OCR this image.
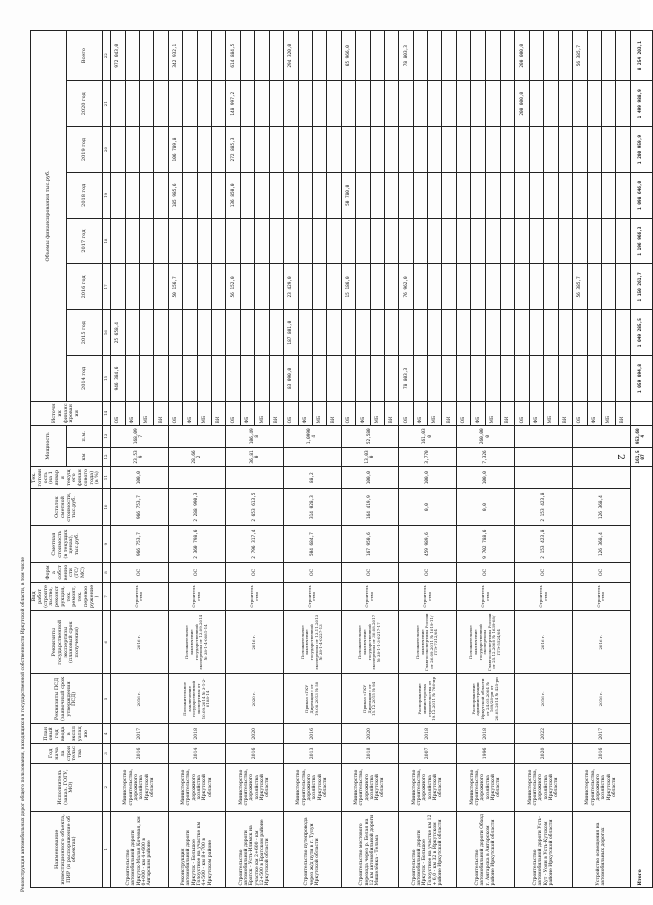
2
Наименование инвестиционного объекта, ПИР (и распоряжение об объектах)	Исполнитель (заказ. ГОГУ, МО)	Год начала строительства	Плановый год ввода в эксплуатацию	Реквизиты ПСД (заявочный срок утверждения ПСД)	Реквизиты государственной экспертизы (плановый срок получения)	Вид работ (строительство, реконструкция, тех. ремонт, тех. перевооружение)	Форма собственности (ГС/ МС)	Сметная стоимость (в текущих ценах), тыс.руб.	Остаток сметной стоимости, тыс.руб.	Тех. готовность (на 1 января текущего финансового года) (в %)	Мощность		Источник финансирования	Объемы финансирования тыс.руб.							
											км	п.м.		2014 год	2015 год	2016 год	2017 год	2018 год	2019 год	2020 год	Всего
1	2	3	4	5	6	7	8	9	10	11	12	13	14	15	16	17	18	19	20	21	22
Строительство автомобильной дороги Иркутск-Малая Кочевая, км 0+000 - км 4+600 в Ангарском районе	Министерство строительства, дорожного хозяйства Иркутской области	2016	2017	2016 г.	2016 г.	Строительство	ОС	966 753,7	966 753,7	100,0	23,539	168,097	ОБ	946 384,6	25 658,4						972 043,0
													ФБ								
													МБ								
													ВИ								
Реконструкция автомобильной дороги Иркутск - Большое Голоустное на участке км 4+500 - км 8+700 в Иркутском районе	Министерство строительства, дорожного хозяйства Иркутской области	2014	2018	Положительное заключение государственной экспертизы от 10.09.2014 № 3-1-2-0188-14	Положительное заключение государственной экспертизы от 13.09.2014 № 38-1-4-0081-14	Строительство	ОС	2 360 798,6	2 288 990,3		28,662		ОБ			50 156,7		185 985,6	106 789,8		342 932,1
													ФБ								
													МБ								
													ВИ								
Строительство автомобильной дороги Братск - Усть-Илимск на участке км 2+600 - км 12+500 в Братском районе Иркутской области	Министерство строительства, дорожного хозяйства Иркутской области	2016	2020	2020 г.	2016 г.	Строительство	ОС	2 796 317,4	2 653 613,5		36,810	106,498	ОБ			56 152,0		136 850,0	272 885,3	148 997,2	614 884,5
													ФБ								
													МБ								
													ВИ								
Строительство путепровода через ж/д пути в г. Тулун Иркутской области	Министерство строительства, дорожного хозяйства Иркутской области	2013	2016	Приказ «ГКУ Дирекция» от 19.08.2013 № 58	Положительное заключение государственной экспертизы от 13.11.2013 № 38-1-4-0227-13	Строительство	ОС	504 684,7	314 028,3	88,2		1,09904	ОБ	83 090,0	187 801,0	23 429,0					294 320,0
													ФБ								
													МБ								
													ВИ								
Строительство мостового перехода через р. Белая на 12 км автомобильной дороги Мишелёвка - Тельма	Министерство строительства, дорожного хозяйства Иркутской области	2018	2020	Приказ «ГКУ Дирекция» от 15.12.2015 № 94	Положительное заключение государственной экспертизы от 30.08.2017 № 38-1-1-3-0217-17	Строительство	ОС	167 950,6	164 419,9	100,0	13,030	52,580	ОБ			15 186,0		50 780,0			65 966,0
													ФБ								
													МБ								
													ВИ								
Строительство автомобильной дороги Иркутск - Большое Голоустное на участке км 12 + 6,0 - км 32 в Иркутском районе Иркутской области	Министерство строительства, дорожного хозяйства Иркутской области	2007	2018	Распоряжение министерства строительства от 19.12.2011 № 766-мр	Положительное заключение Главгосэкспертизы России от 26.09.2011 № 1019-11/ГГЭ-7312/04	Строительство	ОС	459 989,6	0,0	100,0	3,770	161,030	ОБ	78 803,3		76 962,0					78 803,3
													ФБ								
													МБ								
													ВИ								
Строительство автомобильной дороги Обход г. Ангарска в Ангарском районе Иркутской области	Министерство строительства, дорожного хозяйства Иркутской области	1996	2018	Распоряжение администрации Иркутской области от 24.05.2004 № 169/28-рп от 20.05.2014 № 425-рп	Положительное заключение государственной экспертизы Главгосэкспертизы России от 25.12.2008 № 1639-08/ГГЭ-5524/04	Строительство	ОС	9 702 788,6	0,0	100,0	7,326	260,000	ОБ								
													ФБ								
													МБ								
													ВИ								
Строительство автомобильной дороги Усть-Кут - Уоян в Усть-Кутском районе Иркутской области	Министерство строительства, дорожного хозяйства Иркутской области	2020	2022	2016 г.	2016 г.	Строительство	ОС	2 153 423,8	2 153 423,8				ОБ							200 000,0	200 000,0
													ФБ								
													МБ								
													ВИ								
Устройство освещения на автомобильных дорогах	Министерство строительства, дорожного хозяйства Иркутской области	2016	2017	2016 г.	2016 г.	Строительство	ОС	126 368,4	126 368,4				ОБ			56 385,7					56 385,7
													ФБ								
													МБ								
													ВИ								
Итого											161,507	953,604		1 059 094,8	1 049 285,5	1 150 261,7	1 196 966,3	1 098 646,0	1 200 959,9	1 499 988,9	8 254 203,1
Реконструкция автомобильных дорог общего пользования, находящихся в государственной собственности Иркутской области, в том числе
